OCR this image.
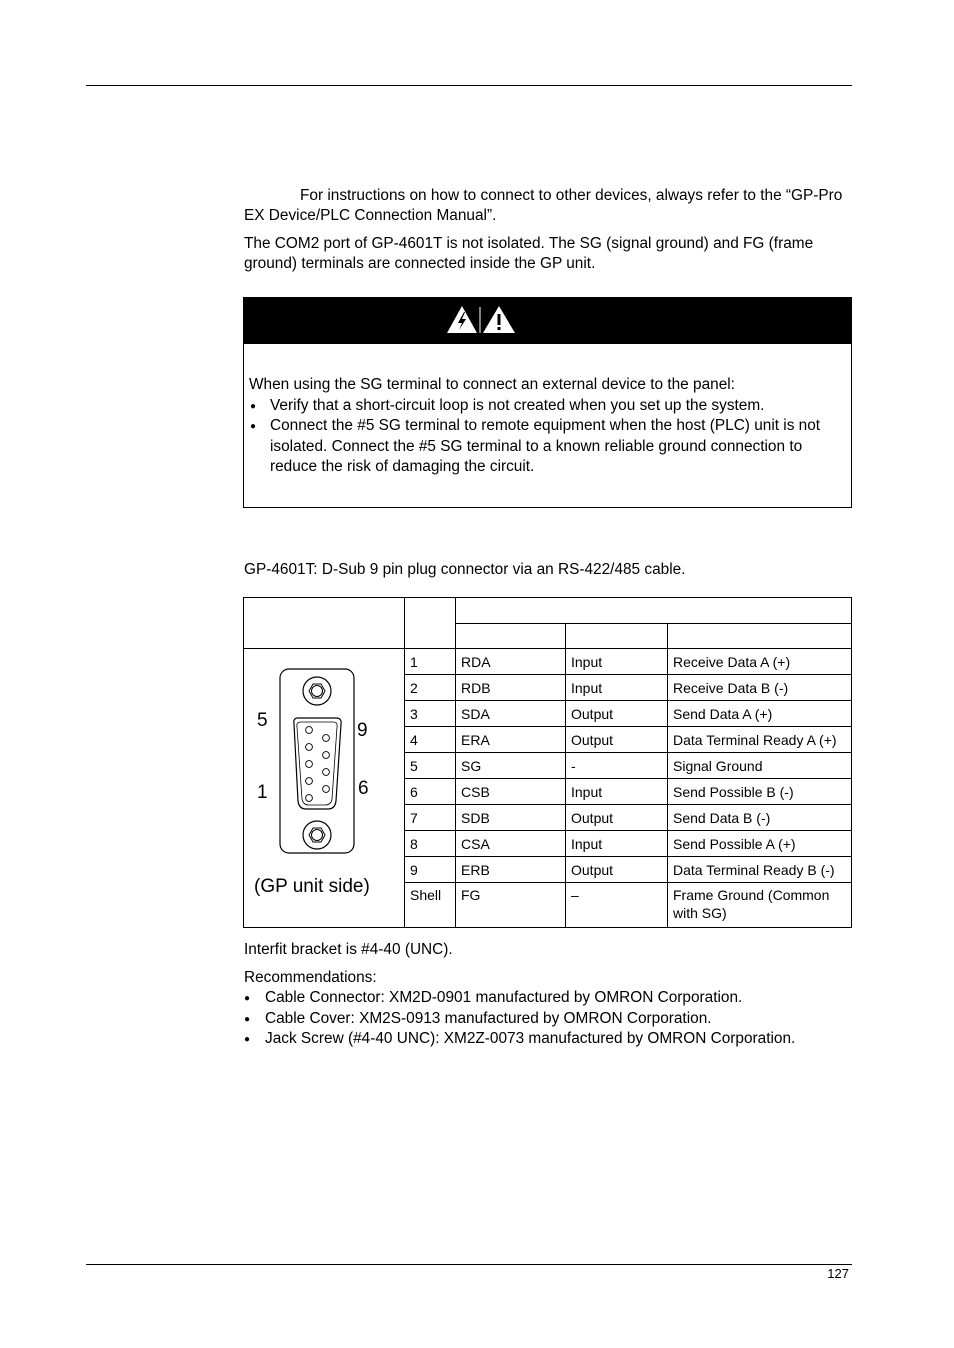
For instructions on how to connect to other devices, always refer to the “GP-Pro EX Device/PLC Connection Manual”.

The COM2 port of GP-4601T is not isolated. The SG (signal ground) and FG (frame ground) terminals are connected inside the GP unit.

When using the SG terminal to connect an external device to the panel:
● Verify that a short-circuit loop is not created when you set up the system.
● Connect the #5 SG terminal to remote equipment when the host (PLC) unit is not isolated. Connect the #5 SG terminal to a known reliable ground connection to reduce the risk of damaging the circuit.

GP-4601T: D-Sub 9 pin plug connector via an RS-422/485 cable.

5 9
1 6
(GP unit side)	1	RDA	Input	Receive Data A (+)
	2	RDB	Input	Receive Data B (-)
	3	SDA	Output	Send Data A (+)
	4	ERA	Output	Data Terminal Ready A (+)
	5	SG	-	Signal Ground
	6	CSB	Input	Send Possible B (-)
	7	SDB	Output	Send Data B (-)
	8	CSA	Input	Send Possible A (+)
	9	ERB	Output	Data Terminal Ready B (-)
	Shell	FG	–	Frame Ground (Common with SG)

Interfit bracket is #4-40 (UNC).

Recommendations:

● Cable Connector: XM2D-0901 manufactured by OMRON Corporation.
● Cable Cover: XM2S-0913 manufactured by OMRON Corporation.
● Jack Screw (#4-40 UNC): XM2Z-0073 manufactured by OMRON Corporation.
127
